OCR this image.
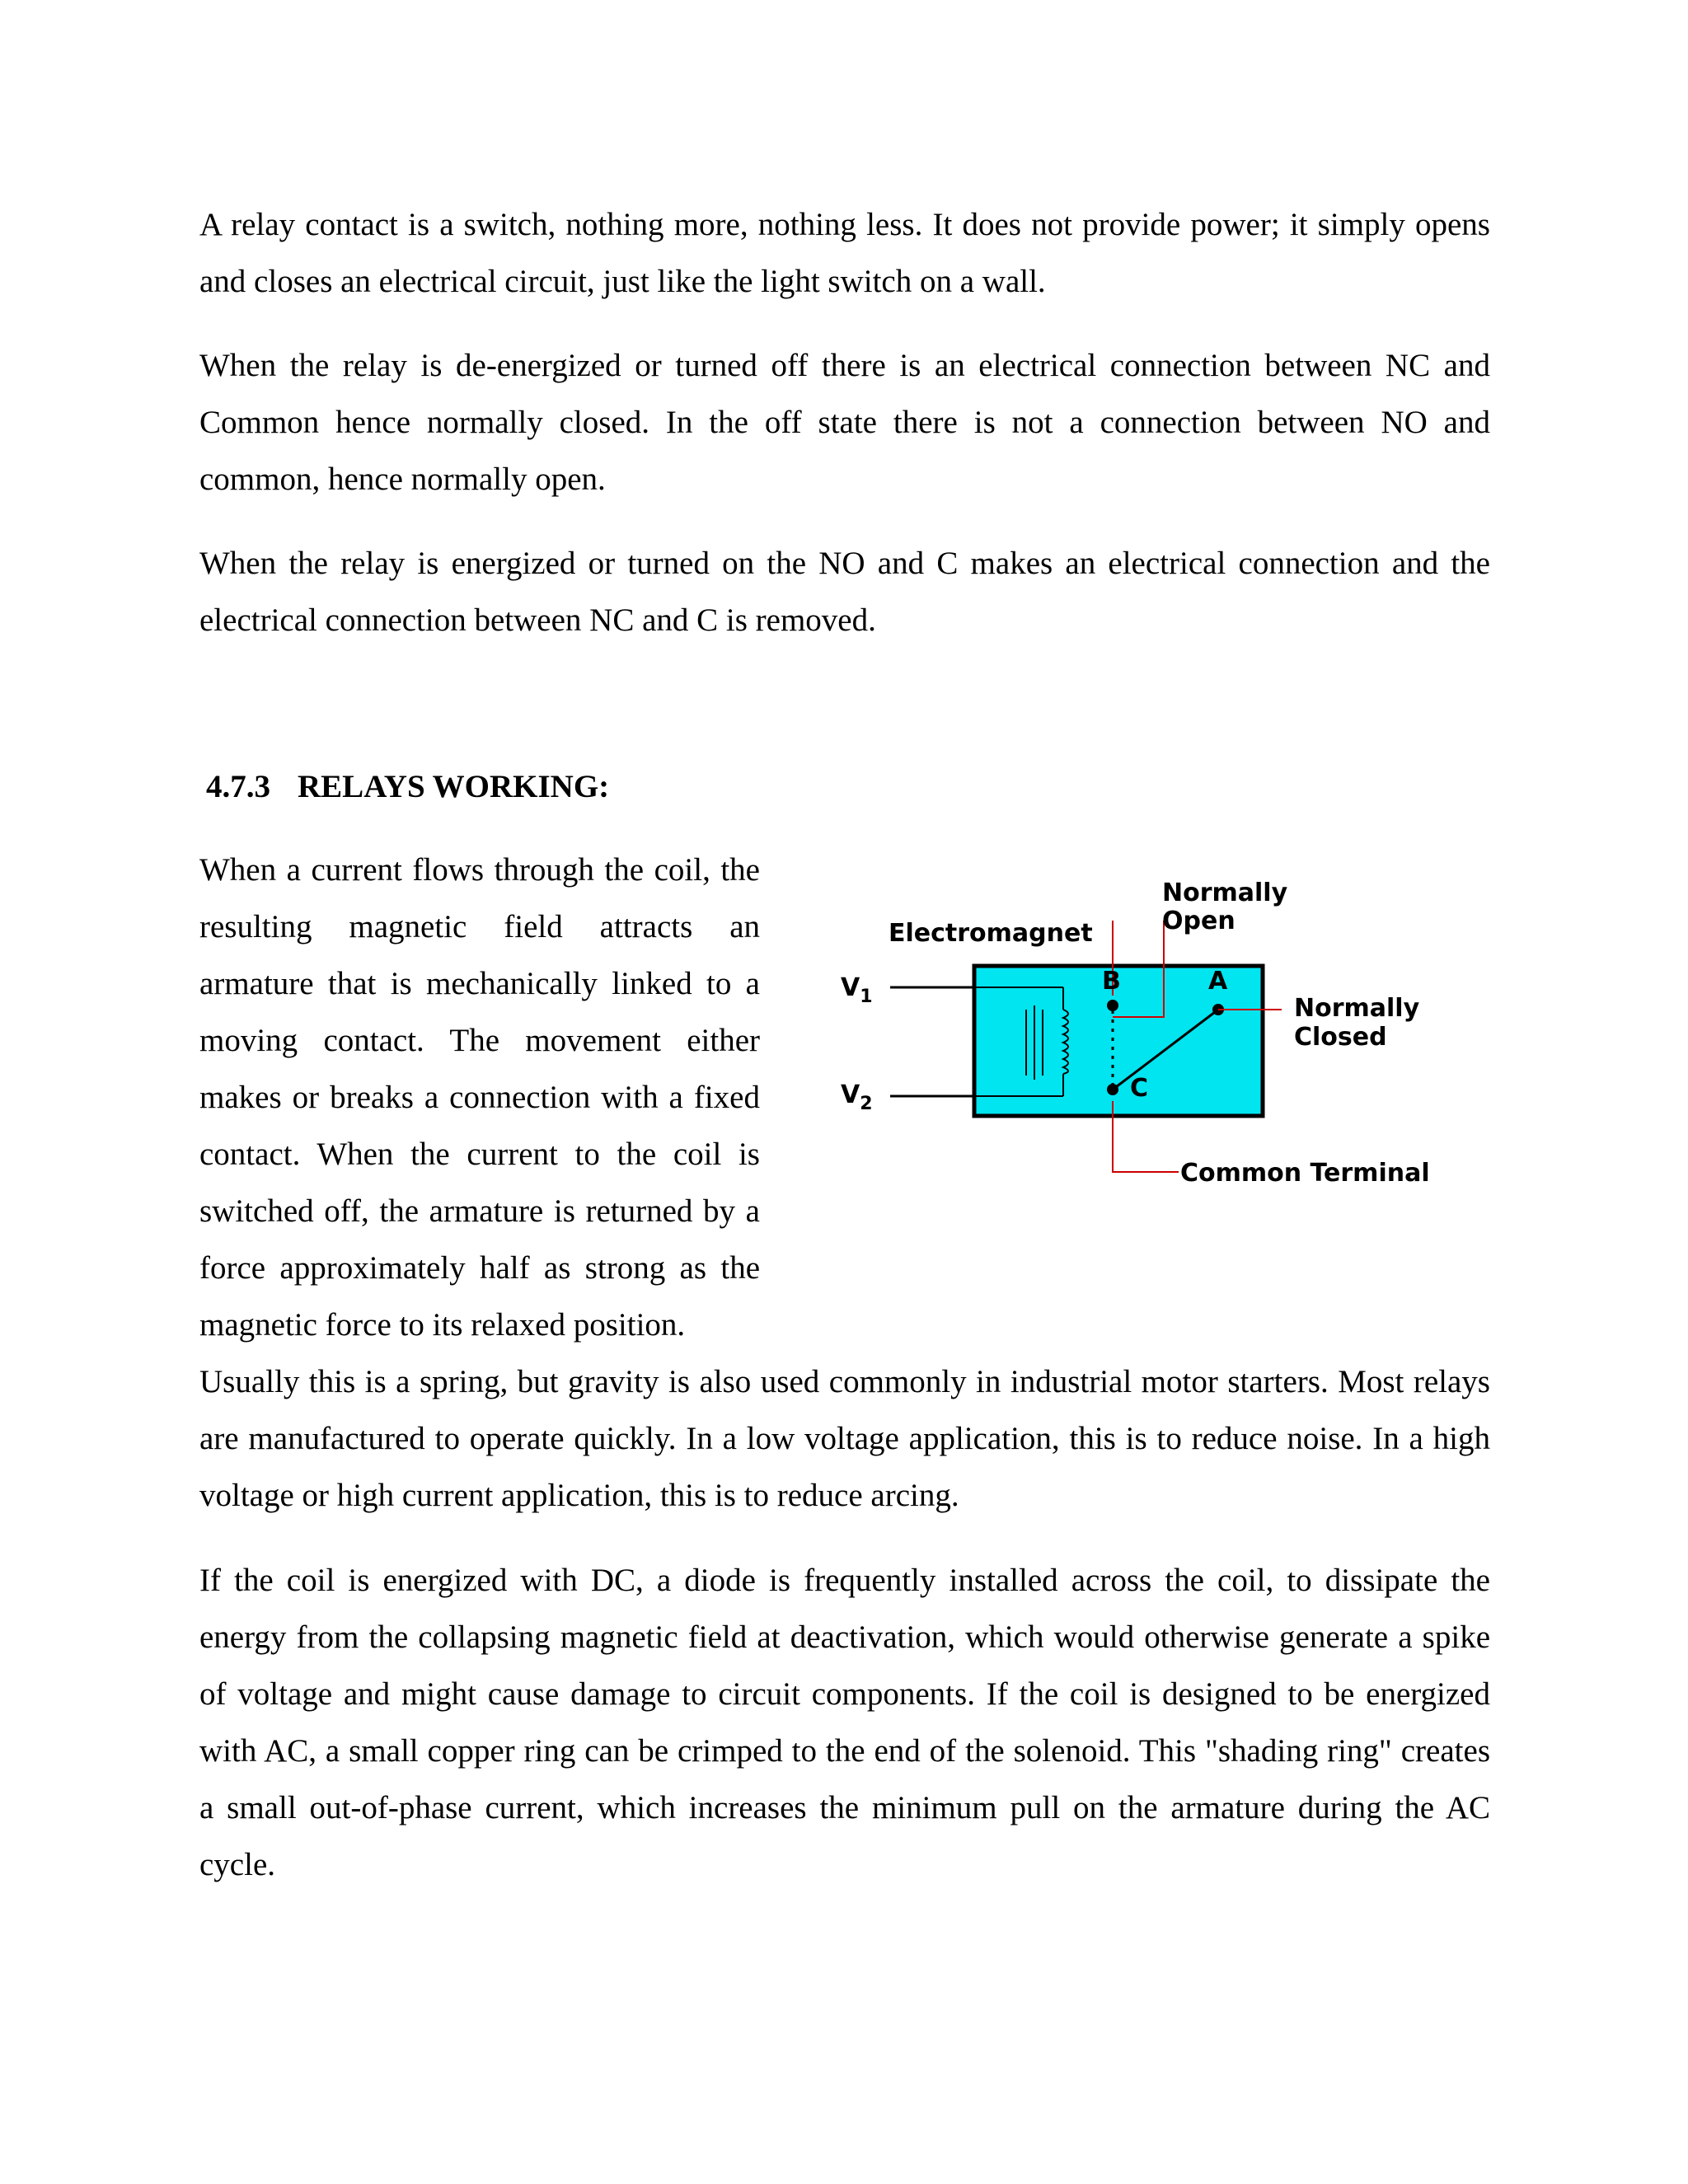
A relay contact is a switch, nothing more, nothing less. It does not provide power; it simply opens and closes an electrical circuit, just like the light switch on a wall.

When the relay is de-energized or turned off there is an electrical connection between NC and Common hence normally closed. In the off state there is not a connection between NO and common, hence normally open.

When the relay is energized or turned on the NO and C makes an electrical connection and the electrical connection between NC and C is removed.

4.7.3 RELAYS WORKING:

When a current flows through the coil, the resulting magnetic field attracts an armature that is mechanically linked to a moving contact. The movement either makes or breaks a connection with a fixed contact. When the current to the coil is switched off, the armature is returned by a force approximately half as strong as the magnetic force to its relaxed position.

Usually this is a spring, but gravity is also used commonly in industrial motor starters. Most relays are manufactured to operate quickly. In a low voltage application, this is to reduce noise. In a high voltage or high current application, this is to reduce arcing.

If the coil is energized with DC, a diode is frequently installed across the coil, to dissipate the energy from the collapsing magnetic field at deactivation, which would otherwise generate a spike of voltage and might cause damage to circuit components. If the coil is designed to be energized with AC, a small copper ring can be crimped to the end of the solenoid. This "shading ring" creates a small out-of-phase current, which increases the minimum pull on the armature during the AC cycle.

Electromagnet
Normally
Open
Normally
Closed
Common Terminal
$V_1$
$V_2$
B	A
C
